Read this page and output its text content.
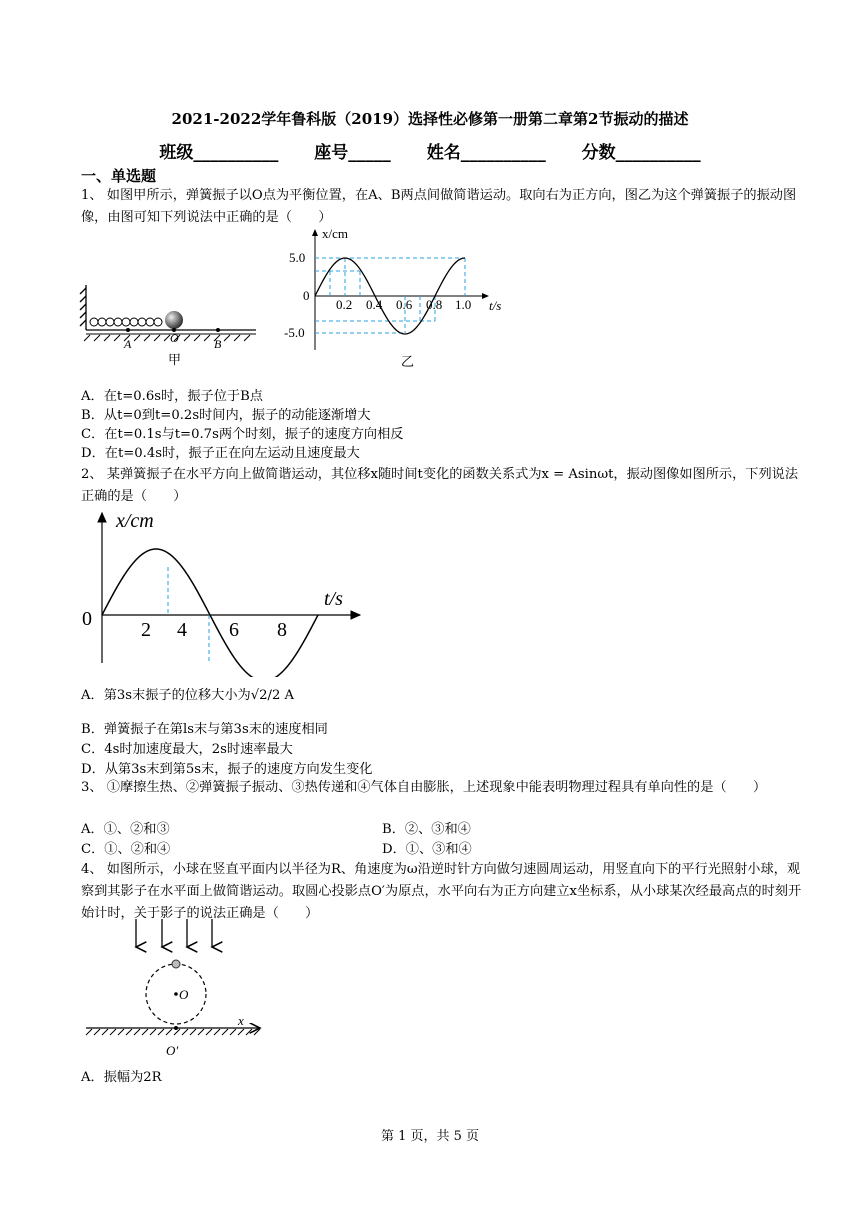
2021-2022学年鲁科版（2019）选择性必修第一册第二章第2节振动的描述
班级__________ 座号_____ 姓名__________ 分数__________
一、单选题
1、 如图甲所示，弹簧振子以O点为平衡位置，在A、B两点间做简谐运动。取向右为正方向，图乙为这个弹簧振子的振动图像，由图可知下列说法中正确的是（　　）
A	O	B
甲
x/cm
t/s
5.0
0
-5.0
0.2 0.4 0.6 0.8 1.0
乙
A．在t=0.6s时，振子位于B点
B．从t=0到t=0.2s时间内，振子的动能逐渐增大
C．在t=0.1s与t=0.7s两个时刻，振子的速度方向相反
D．在t=0.4s时，振子正在向左运动且速度最大
2、 某弹簧振子在水平方向上做简谐运动，其位移x随时间t变化的函数关系式为x = Asinωt，振动图像如图所示，下列说法正确的是（　　）
x/cm
t/s
0 2 4 6 8
A．第3s末振子的位移大小为√2/2 A
B．弹簧振子在第ls末与第3s末的速度相同
C．4s时加速度最大，2s时速率最大
D．从第3s末到第5s末，振子的速度方向发生变化
3、 ①摩擦生热、②弹簧振子振动、③热传递和④气体自由膨胀，上述现象中能表明物理过程具有单向性的是（　　）
A．①、②和③	B．②、③和④
C．①、②和④	D．①、③和④
4、 如图所示，小球在竖直平面内以半径为R、角速度为ω沿逆时针方向做匀速圆周运动，用竖直向下的平行光照射小球，观察到其影子在水平面上做简谐运动。取圆心投影点O′为原点，水平向右为正方向建立x坐标系，从小球某次经最高点的时刻开始计时，关于影子的说法正确是（　　）
O
x
O′
A．振幅为2R
第 1 页，共 5 页
